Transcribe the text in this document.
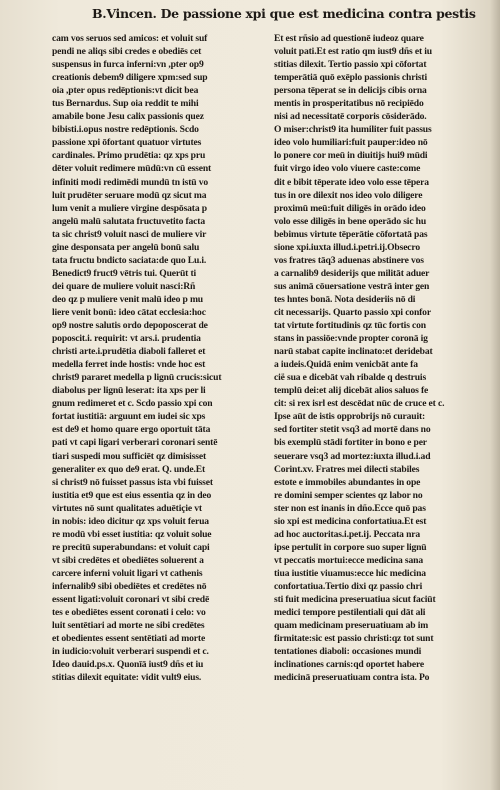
B.Vincen. De passione xpi que est medicina contra pestis
cam vos seruos sed amicos: et voluit suf
pendi ne aliqs sibi credes e obediēs cet
suspensus in furca inferni:vn ,pter op9
creationis debem9 diligere xpm:sed sup
oia ,pter opus redēptionis:vt dicit bea
tus Bernardus. Sup oia reddit te mihi
amabile bone Jesu calix passionis quez
bibisti.i.opus nostre redēptionis. Scdo
passione xpi ōfortant quatuor virtutes
cardinales. Primo prudētia: qz xps pru
dēter voluit redimere mūdū:vn cū essent
infiniti modi redimēdi mundū tn istū vo
luit prudēter seruare modū qz sicut ma
lum venit a muliere virgine despōsata p
angelū malū salutata fructuvetito facta
ta sic christ9 voluit nasci de muliere vir
gine desponsata per angelū bonū salu
tata fructu bndicto saciata:de quo Lu.i.
Benedict9 fruct9 vētris tui. Querūt ti
dei quare de muliere voluit nasci:Rñ
deo qz p muliere venit malū ideo p mu
liere venit bonū: ideo cātat ecclesia:hoc
op9 nostre salutis ordo depoposcerat de
poposcit.i. requirit: vt ars.i. prudentia
christi arte.i.prudētia diaboli falleret et
medella ferret inde hostis: vnde hoc est
christ9 pararet medella p lignū crucis:sicut
diabolus per lignū leserat: ita xps per li
gnum redimeret et c. Scdo passio xpi con
fortat iustitiā: arguunt em iudei sic xps
est de9 et homo quare ergo oportuit tāta
pati vt capi ligari verberari coronari sentē
tiari suspedi mou sufficiēt qz dimisisset
generaliter ex quo de9 erat. Q. unde.Et
si christ9 nō fuisset passus ista vbi fuisset
iustitia et9 que est eius essentia qz in deo
virtutes nō sunt qualitates aduētiçie vt
in nobis: ideo dicitur qz xps voluit ferua
re modū vbi esset iustitia: qz voluit solue
re precitū superabundans: et voluit capi
vt sibi credētes et obediētes soluerent a
carcere inferni voluit ligari vt cathenis
infernalib9 sibi obediētes et credētes nō
essent ligati:voluit coronari vt sibi credē
tes e obediētes essent coronati i celo: vo
luit sentētiari ad morte ne sibi credētes
et obedientes essent sentētiati ad morte
in iudicio:voluit verberari suspendi et c.
Ideo dauid.ps.x. Quonīā iust9 dñs et iu
stitias dilexit equitate: vidit vult9 eius.
Et est rñsio ad questionē iudeoz quare
voluit pati.Et est ratio qm iust9 dñs et iu
stitias dilexit. Tertio passio xpi cōfortat
temperātiā quō exēplo passionis christi
persona tēperat se in delicijs cibis orna
mentis in prosperitatibus nō recipiēdo
nisi ad necessitatē corporis cōsiderādo.
O miser:christ9 ita humiliter fuit passus
ideo volo humiliari:fuit pauper:ideo nō
lo ponere cor meū in diuitijs hui9 mūdi
fuit virgo ideo volo viuere caste:come
dit e bibit tēperate ideo volo esse tēpera
tus in ore dilexit nos ideo volo diligere
proximū meū:fuit diligēs in orādo ideo
volo esse diligēs in bene operādo sic hu
bebimus virtute tēperātie cōfortatā pas
sione xpi.iuxta illud.i.petri.ij.Obsecro
vos fratres tāq3 aduenas abstinere vos
a carnalib9 desiderijs que militāt aduer
sus animā cōuersatione vestrā inter gen
tes hntes bonā. Nota desideriis nō di
cit necessarijs. Quarto passio xpi confor
tat virtute fortitudinis qz tūc fortis con
stans in passiōe:vnde propter coronā ig
narū stabat capite inclinato:et deridebat
a iudeis.Quidā enim venicbāt ante fa
cië sua e dicebāt vah ribalde q destruis
templū dei:et alij dicebāt alios saluos fe
cit: si rex isrl est descēdat nūc de cruce et c.
Ipse aūt de istis opprobrijs nō curauit:
sed fortiter stetit vsq3 ad mortē dans no
bis exemplū stādi fortiter in bono e per
seuerare vsq3 ad mortez:iuxta illud.i.ad
Corint.xv. Fratres mei dilecti stabiles
estote e immobiles abundantes in ope
re domini semper scientes qz labor no
ster non est inanis in dño.Ecce quō pas
sio xpi est medicina confortatiua.Et est
ad hoc auctoritas.i.pet.ij. Peccata nra
ipse pertulit in corpore suo super lignū
vt peccatis mortui:ecce medicina sana
tiua iustitie viuamus:ecce hic medicina
confortatiua.Tertio dixi qz passio chri
sti fuit medicina preseruatiua sicut faciūt
medici tempore pestilentiali qui dāt ali
quam medicinam preseruatiuam ab im
firmitate:sic est passio christi:qz tot sunt
tentationes diaboli: occasiones mundi
inclinationes carnis:qd oportet habere
medicinā preseruatiuam contra ista. Po
